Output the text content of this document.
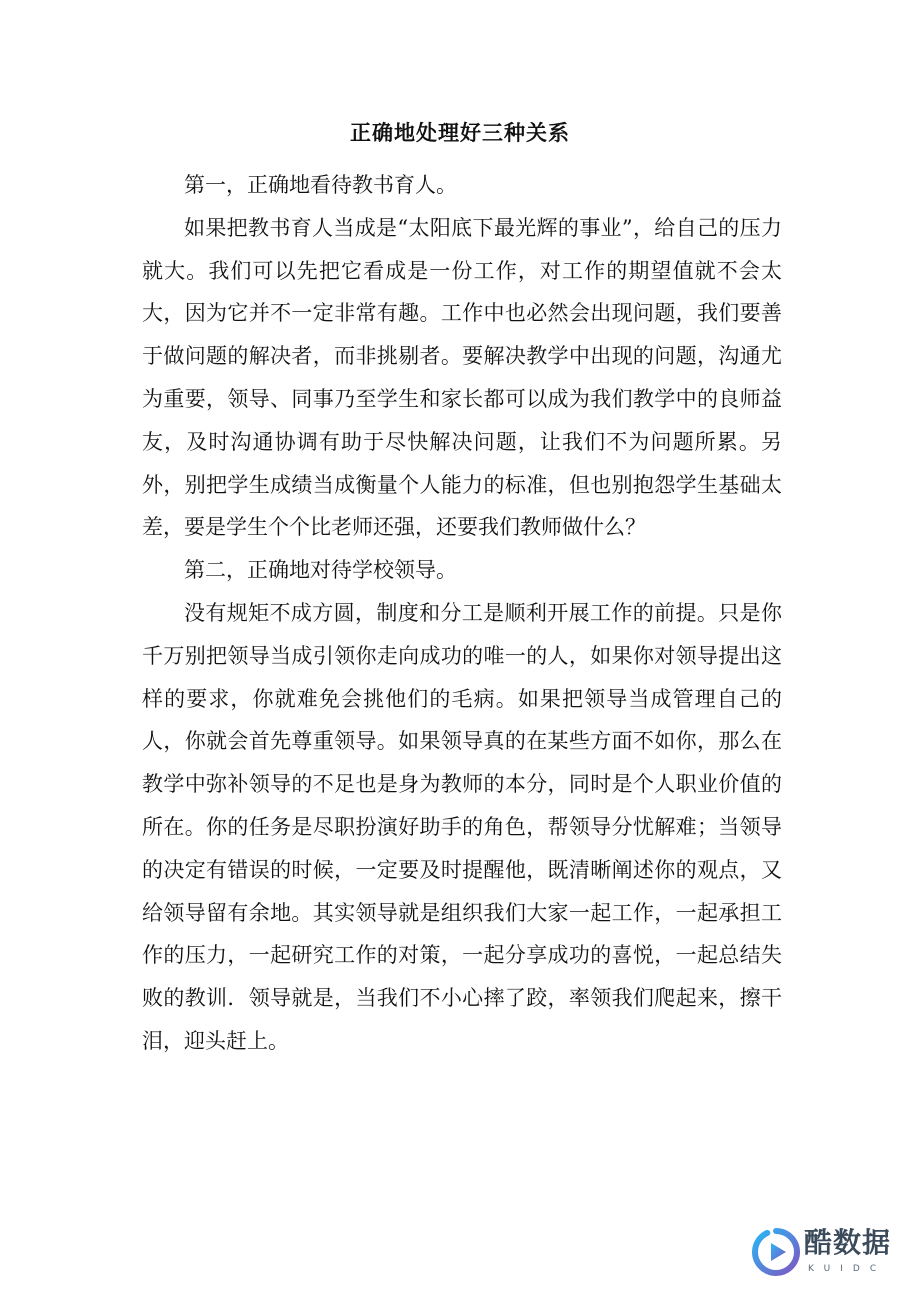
正确地处理好三种关系

第一，正确地看待教书育人。

如果把教书育人当成是“太阳底下最光辉的事业”，给自己的压力就大。我们可以先把它看成是一份工作，对工作的期望值就不会太大，因为它并不一定非常有趣。工作中也必然会出现问题，我们要善于做问题的解决者，而非挑剔者。要解决教学中出现的问题，沟通尤为重要，领导、同事乃至学生和家长都可以成为我们教学中的良师益友，及时沟通协调有助于尽快解决问题，让我们不为问题所累。另外，别把学生成绩当成衡量个人能力的标准，但也别抱怨学生基础太差，要是学生个个比老师还强，还要我们教师做什么？

第二，正确地对待学校领导。

没有规矩不成方圆，制度和分工是顺利开展工作的前提。只是你千万别把领导当成引领你走向成功的唯一的人，如果你对领导提出这样的要求，你就难免会挑他们的毛病。如果把领导当成管理自己的人，你就会首先尊重领导。如果领导真的在某些方面不如你，那么在教学中弥补领导的不足也是身为教师的本分，同时是个人职业价值的所在。你的任务是尽职扮演好助手的角色，帮领导分忧解难；当领导的决定有错误的时候，一定要及时提醒他，既清晰阐述你的观点，又给领导留有余地。其实领导就是组织我们大家一起工作，一起承担工作的压力，一起研究工作的对策，一起分享成功的喜悦，一起总结失败的教训．领导就是，当我们不小心摔了跤，率领我们爬起来，擦干泪，迎头赶上。

酷数据
KUIDC
